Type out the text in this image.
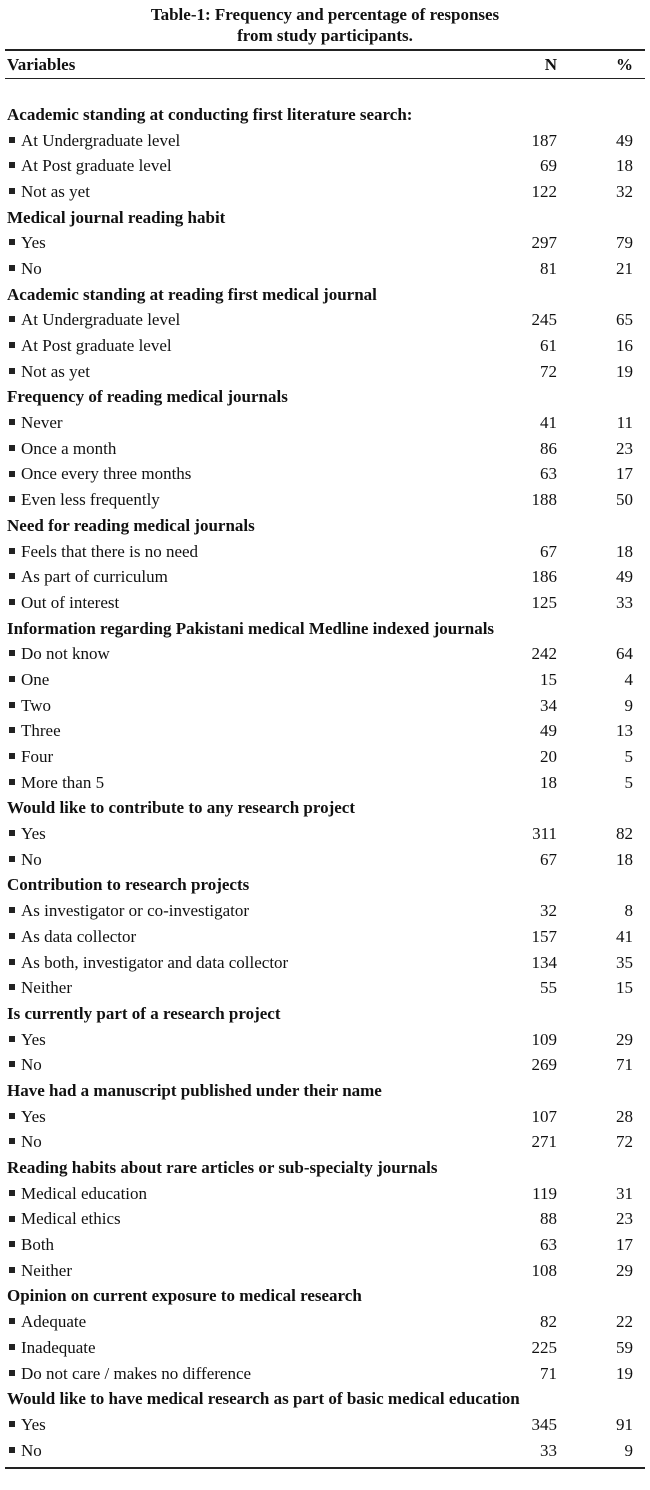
Table-1: Frequency and percentage of responses
from study participants.
Variables	N	%
Academic standing at conducting first literature search:
At Undergraduate level	187	49
At Post graduate level	69	18
Not as yet	122	32
Medical journal reading habit
Yes	297	79
No	81	21
Academic standing at reading first medical journal
At Undergraduate level	245	65
At Post graduate level	61	16
Not as yet	72	19
Frequency of reading medical journals
Never	41	11
Once a month	86	23
Once every three months	63	17
Even less frequently	188	50
Need for reading medical journals
Feels that there is no need	67	18
As part of curriculum	186	49
Out of interest	125	33
Information regarding Pakistani medical Medline indexed journals
Do not know	242	64
One	15	4
Two	34	9
Three	49	13
Four	20	5
More than 5	18	5
Would like to contribute to any research project
Yes	311	82
No	67	18
Contribution to research projects
As investigator or co-investigator	32	8
As data collector	157	41
As both, investigator and data collector	134	35
Neither	55	15
Is currently part of a research project
Yes	109	29
No	269	71
Have had a manuscript published under their name
Yes	107	28
No	271	72
Reading habits about rare articles or sub-specialty journals
Medical education	119	31
Medical ethics	88	23
Both	63	17
Neither	108	29
Opinion on current exposure to medical research
Adequate	82	22
Inadequate	225	59
Do not care / makes no difference	71	19
Would like to have medical research as part of basic medical education
Yes	345	91
No	33	9
